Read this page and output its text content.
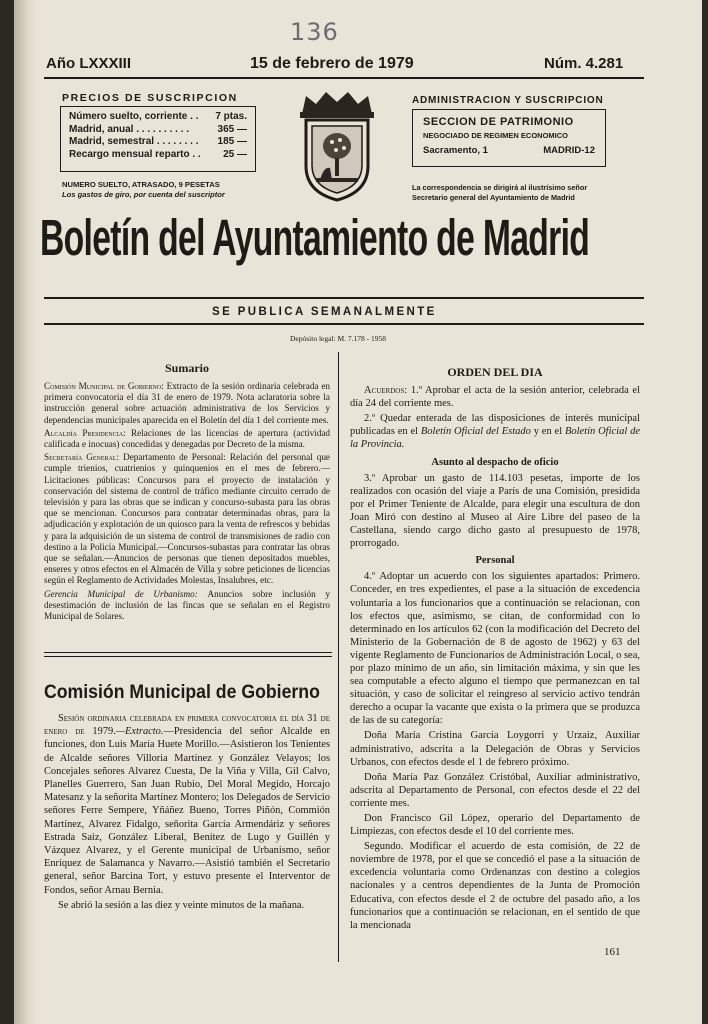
136
Año LXXXIII	15 de febrero de 1979	Núm. 4.281
PRECIOS DE SUSCRIPCION
Número suelto, corriente . . 7 ptas.
Madrid, anual . . . . . . . . . .	365 —
Madrid, semestral . . . . . . . . 185 —
Recargo mensual reparto . . 25 —
NUMERO SUELTO, ATRASADO, 9 PESETAS
Los gastos de giro, por cuenta del suscriptor
ADMINISTRACION Y SUSCRIPCION
SECCION DE PATRIMONIO
NEGOCIADO DE REGIMEN ECONOMICO
Sacramento, 1	MADRID-12
La correspondencia se dirigirá al ilustrísimo señor Secretario general del Ayuntamiento de Madrid
Boletín del Ayuntamiento de Madrid
SE PUBLICA SEMANALMENTE
Depósito legal: M. 7.178 - 1958
Sumario

Comisión Municipal de Gobierno: Extracto de la sesión ordinaria celebrada en primera convocatoria el día 31 de enero de 1979. Nota aclaratoria sobre la instrucción general sobre actuación administrativa de los Servicios y dependencias municipales aparecida en el Boletín del día 1 del corriente mes.

Alcaldía Presidencia: Relaciones de las licencias de apertura (actividad calificada e inocuas) concedidas y denegadas por Decreto de la misma.

Secretaría General: Departamento de Personal: Relación del personal que cumple trienios, cuatrienios y quinquenios en el mes de febrero.—Licitaciones públicas: Concursos para el proyecto de instalación y conservación del sistema de control de tráfico mediante circuito cerrado de televisión y para las obras que se indican y concurso-subasta para las obras que se mencionan. Concursos para contratar determinadas obras, para la adjudicación y explotación de un quiosco para la venta de refrescos y bebidas y para la adquisición de un sistema de control de transmisiones de radio con destino a la Policía Municipal.—Concursos-subastas para contratar las obras que se señalan.—Anuncios de personas que tienen depositados muebles, enseres y otros efectos en el Almacén de Villa y sobre peticiones de licencias según el Reglamento de Actividades Molestas, Insalubres, etc.

Gerencia Municipal de Urbanismo: Anuncios sobre inclusión y desestimación de inclusión de las fincas que se señalan en el Registro Municipal de Solares.

Comisión Municipal de Gobierno

Sesión ordinaria celebrada en primera convocatoria el día 31 de enero de 1979.—Extracto.—Presidencia del señor Alcalde en funciones, don Luis María Huete Morillo.—Asistieron los Tenientes de Alcalde señores Villoria Martínez y González Velayos; los Concejales señores Alvarez Cuesta, De la Viña y Villa, Gil Calvo, Planelles Guerrero, San Juan Rubio, Del Moral Megido, Horcajo Matesanz y la señorita Martínez Montero; los Delegados de Servicio señores Ferre Sempere, Yñáñez Bueno, Torres Piñón, Commión Martínez, Alvarez Fidalgo, señorita García Armendáriz y señores Estrada Saiz, González Liberal, Benítez de Lugo y Guillén y Vázquez Alvarez, y el Gerente municipal de Urbanismo, señor Enríquez de Salamanca y Navarro.—Asistió también el Secretario general, señor Barcina Tort, y estuvo presente el Interventor de Fondos, señor Arnau Bernia.

Se abrió la sesión a las diez y veinte minutos de la mañana.

ORDEN DEL DIA

Acuerdos: 1.º Aprobar el acta de la sesión anterior, celebrada el día 24 del corriente mes.

2.º Quedar enterada de las disposiciones de interés municipal publicadas en el Boletín Oficial del Estado y en el Boletín Oficial de la Provincia.

Asunto al despacho de oficio

3.º Aprobar un gasto de 114.103 pesetas, importe de los realizados con ocasión del viaje a París de una Comisión, presidida por el Primer Teniente de Alcalde, para elegir una escultura de don Joan Miró con destino al Museo al Aire Libre del paseo de la Castellana, siendo cargo dicho gasto al presupuesto de 1978, prorrogado.

Personal

4.º Adoptar un acuerdo con los siguientes apartados: Primero. Conceder, en tres expedientes, el pase a la situación de excedencia voluntaria a los funcionarios que a continuación se relacionan, con los efectos que, asimismo, se citan, de conformidad con lo determinado en los artículos 62 (con la modificación del Decreto del Ministerio de la Gobernación de 8 de agosto de 1962) y 63 del vigente Reglamento de Funcionarios de Administración Local, o sea, por plazo mínimo de un año, sin limitación máxima, y sin que les sea computable a efecto alguno el tiempo que permanezcan en tal situación, y caso de solicitar el reingreso al servicio activo tendrán derecho a ocupar la vacante que exista o la primera que se produzca de las de su categoría:

Doña María Cristina García Loygorri y Urzaiz, Auxiliar administrativo, adscrita a la Delegación de Obras y Servicios Urbanos, con efectos desde el 1 de febrero próximo.

Doña María Paz González Cristóbal, Auxiliar administrativo, adscrita al Departamento de Personal, con efectos desde el 22 del corriente mes.

Don Francisco Gil López, operario del Departamento de Limpiezas, con efectos desde el 10 del corriente mes.

Segundo. Modificar el acuerdo de esta comisión, de 22 de noviembre de 1978, por el que se concedió el pase a la situación de excedencia voluntaria como Ordenanzas con destino a colegios nacionales y a centros dependientes de la Junta de Promoción Educativa, con efectos desde el 2 de octubre del pasado año, a los funcionarios que a continuación se relacionan, en el sentido de que la mencionada

161
